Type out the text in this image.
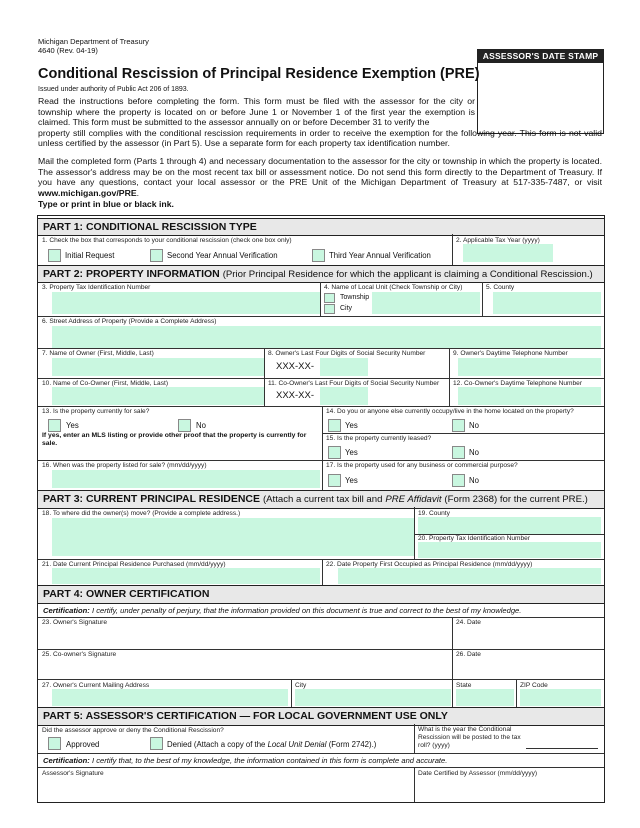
Michigan Department of Treasury
4640 (Rev. 04-19)
ASSESSOR'S DATE STAMP
Conditional Rescission of Principal Residence Exemption (PRE)
Issued under authority of Public Act 206 of 1893.

Read the instructions before completing the form. This form must be filed with the assessor for the city or township where the property is located on or before June 1 or November 1 of the first year the exemption is claimed. This form must be submitted to the assessor annually on or before December 31 to verify the

property still complies with the conditional rescission requirements in order to receive the exemption for the following year. This form is not valid unless certified by the assessor (in Part 5). Use a separate form for each property tax identification number.

Mail the completed form (Parts 1 through 4) and necessary documentation to the assessor for the city or township in which the property is located. The assessor's address may be on the most recent tax bill or assessment notice. Do not send this form directly to the Department of Treasury. If you have any questions, contact your local assessor or the PRE Unit of the Michigan Department of Treasury at 517-335-7487, or visit www.michigan.gov/PRE.
Type or print in blue or black ink.
PART 1: CONDITIONAL RESCISSION TYPE
1. Check the box that corresponds to your conditional rescission (check one box only)
Initial Request	Second Year Annual Verification	Third Year Annual Verification
2. Applicable Tax Year (yyyy)
PART 2: PROPERTY INFORMATION (Prior Principal Residence for which the applicant is claiming a Conditional Rescission.)
3. Property Tax Identification Number	4. Name of Local Unit (Check Township or City)
Township
City
5. County
6. Street Address of Property (Provide a Complete Address)
7. Name of Owner (First, Middle, Last)	8. Owner's Last Four Digits of Social Security Number
XXX-XX-
9. Owner's Daytime Telephone Number
10. Name of Co-Owner (First, Middle, Last)	11. Co-Owner's Last Four Digits of Social Security Number
XXX-XX-
12. Co-Owner's Daytime Telephone Number
13. Is the property currently for sale?
Yes	No
If yes, enter an MLS listing or provide other proof that the property is currently for sale.
14. Do you or anyone else currently occupy/live in the home located on the property?
Yes	No
15. Is the property currently leased?
Yes	No
16. When was the property listed for sale? (mm/dd/yyyy)	17. Is the property used for any business or commercial purpose?
Yes	No
PART 3: CURRENT PRINCIPAL RESIDENCE (Attach a current tax bill and PRE Affidavit (Form 2368) for the current PRE.)
18. To where did the owner(s) move? (Provide a complete address.)	19. County
20. Property Tax Identification Number
21. Date Current Principal Residence Purchased (mm/dd/yyyy)	22. Date Property First Occupied as Principal Residence (mm/dd/yyyy)
PART 4: OWNER CERTIFICATION
Certification: I certify, under penalty of perjury, that the information provided on this document is true and correct to the best of my knowledge.
23. Owner's Signature	24. Date
25. Co-owner's Signature	26. Date
27. Owner's Current Mailing Address	City	State	ZIP Code
PART 5: ASSESSOR'S CERTIFICATION — FOR LOCAL GOVERNMENT USE ONLY
Did the assessor approve or deny the Conditional Rescission?
Approved	Denied (Attach a copy of the Local Unit Denial (Form 2742).)
What is the year the Conditional Rescission will be posted to the tax roll? (yyyy)
Certification: I certify that, to the best of my knowledge, the information contained in this form is complete and accurate.
Assessor's Signature	Date Certified by Assessor (mm/dd/yyyy)
